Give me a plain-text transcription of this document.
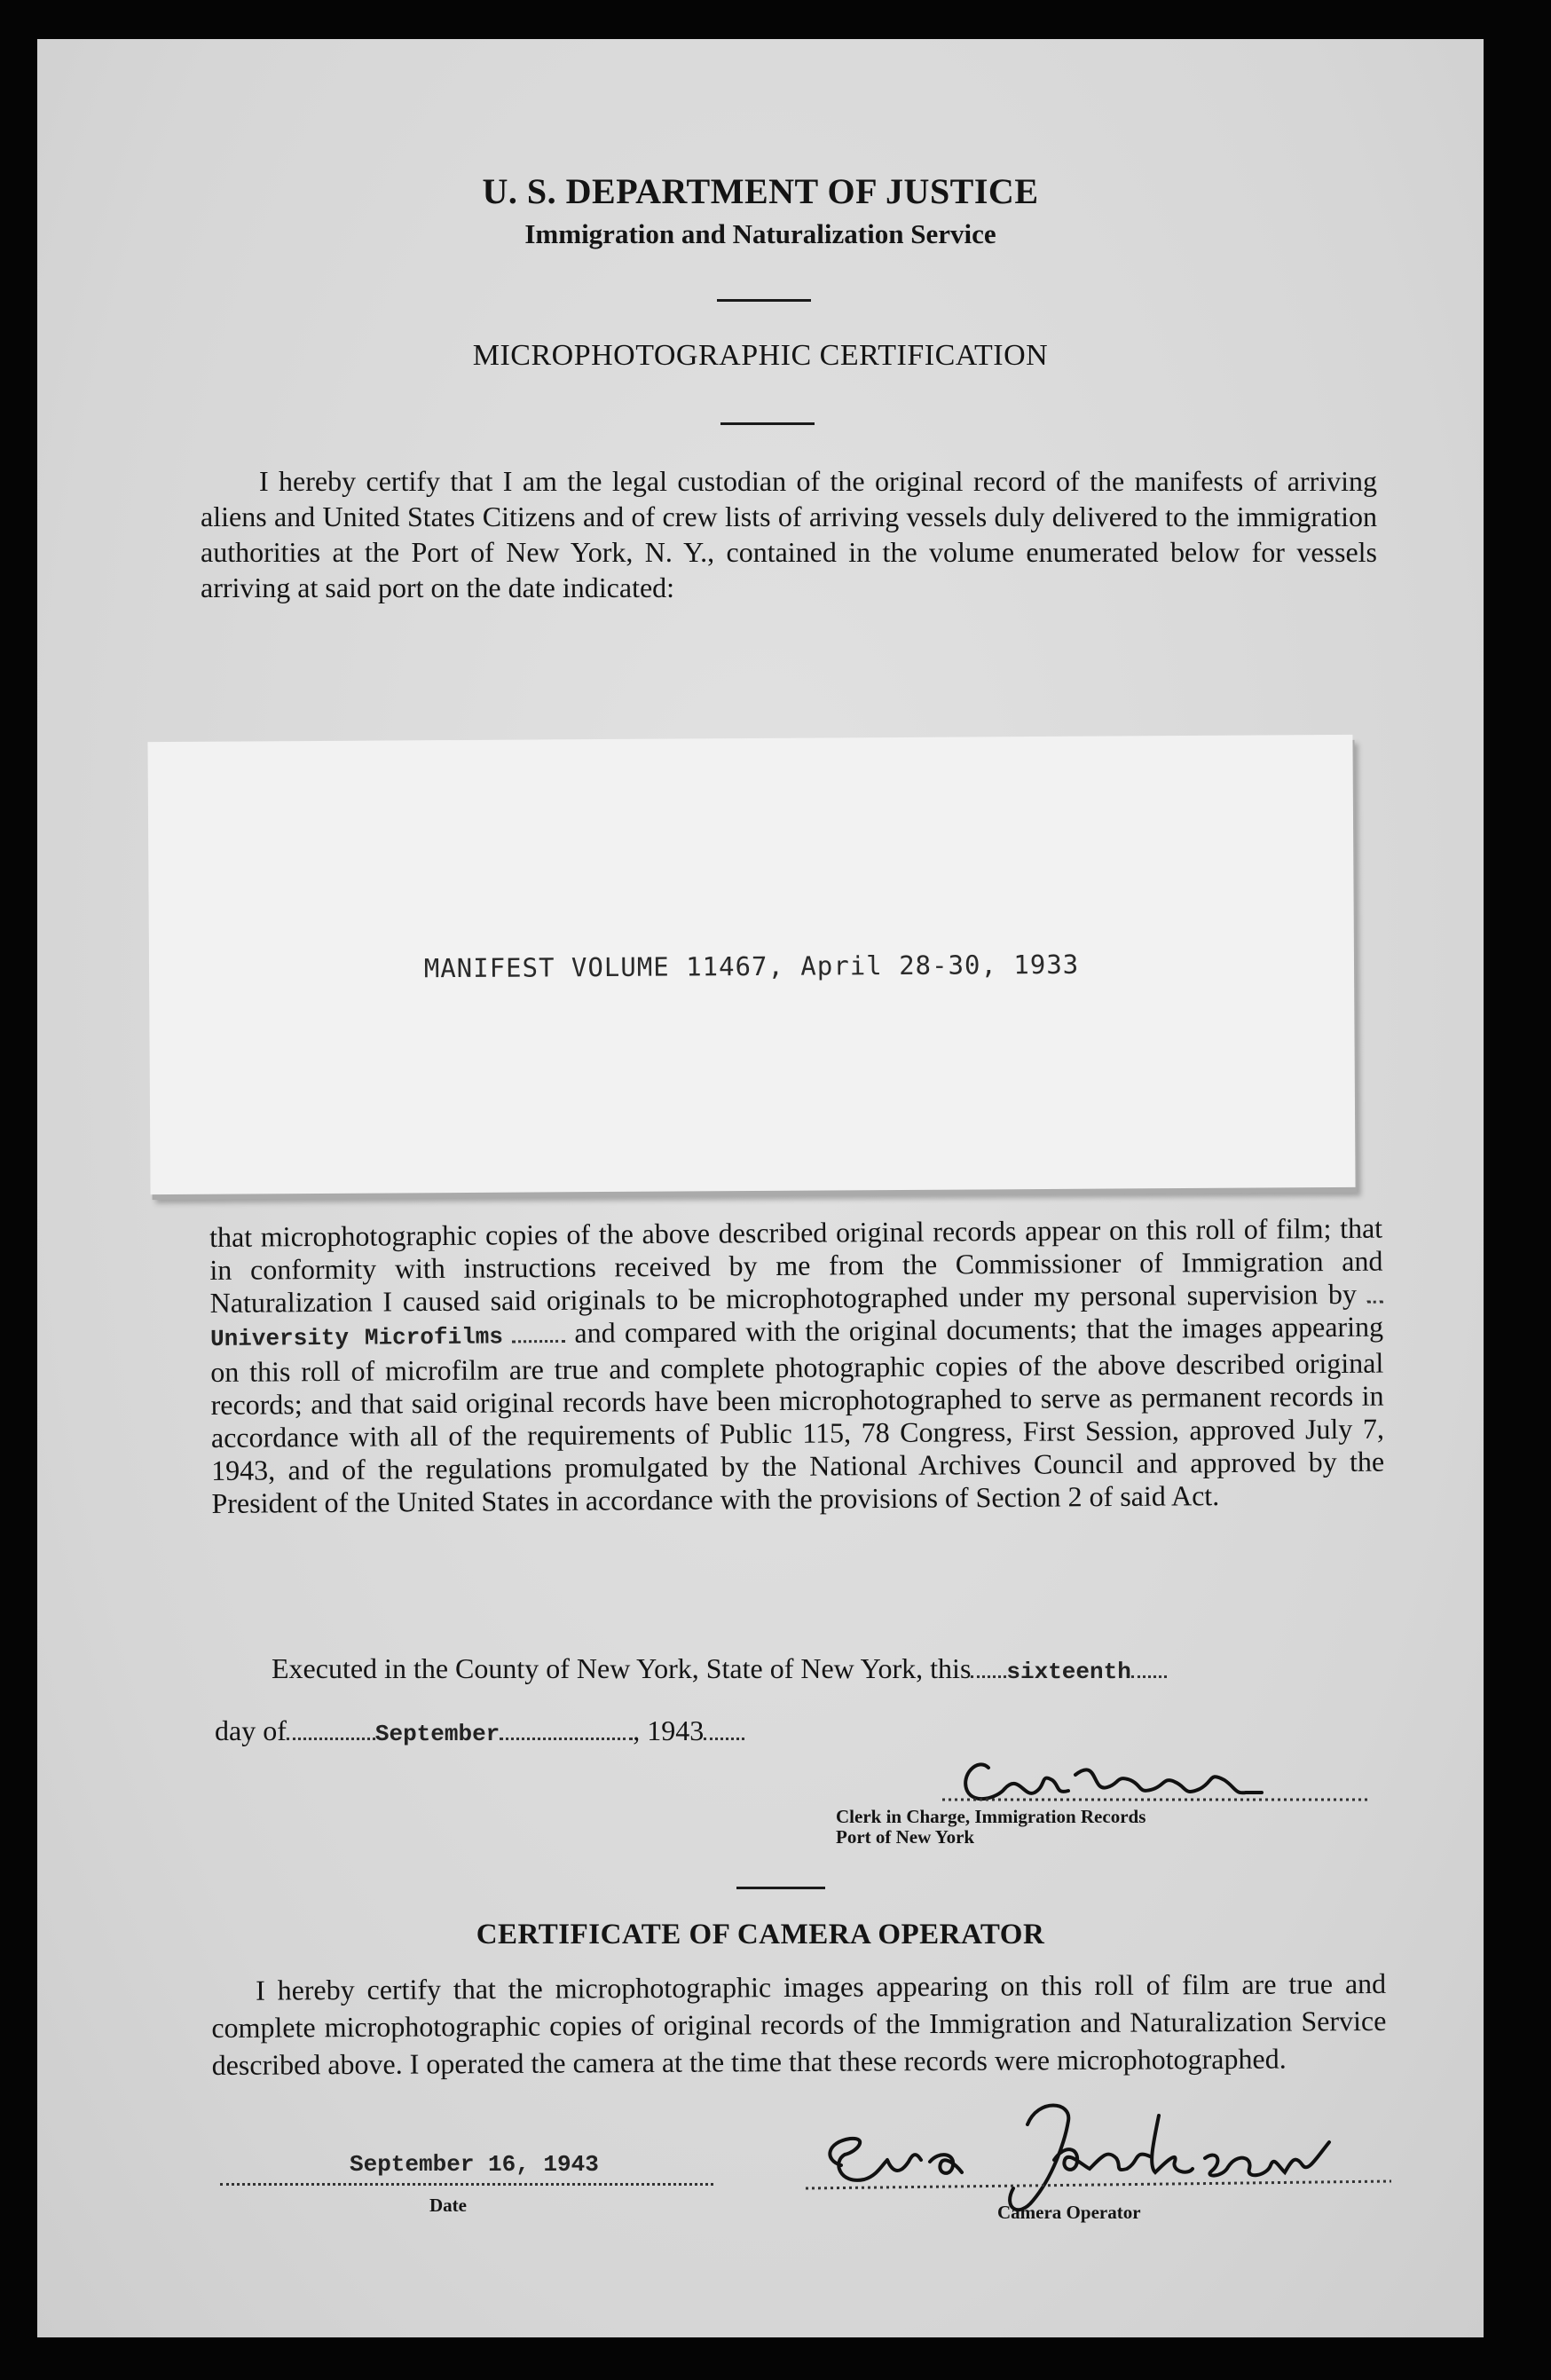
U. S. DEPARTMENT OF JUSTICE
Immigration and Naturalization Service
MICROPHOTOGRAPHIC CERTIFICATION
I hereby certify that I am the legal custodian of the original record of the manifests of arriving aliens and United States Citizens and of crew lists of arriving vessels duly delivered to the immigration authorities at the Port of New York, N. Y., contained in the volume enumerated below for vessels arriving at said port on the date indicated:
MANIFEST VOLUME 11467, April 28-30, 1933
that microphotographic copies of the above described original records appear on this roll of film; that in conformity with instructions received by me from the Commissioner of Immigration and Naturalization I caused said originals to be microphotographed under my personal supervision by  University Microfilms	and compared with the original documents; that the images appearing on this roll of microfilm are true and complete photographic copies of the above described original records; and that said original records have been microphotographed to serve as permanent records in accordance with all of the requirements of Public 115, 78 Congress, First Session, approved July 7, 1943, and of the regulations promulgated by the National Archives Council and approved by the President of the United States in accordance with the provisions of Section 2 of said Act.
Executed in the County of New York, State of New York, this sixteenth
day of	September	, 1943
Clerk in Charge, Immigration Records
Port of New York
CERTIFICATE OF CAMERA OPERATOR
I hereby certify that the microphotographic images appearing on this roll of film are true and complete microphotographic copies of original records of the Immigration and Naturalization Service described above. I operated the camera at the time that these records were microphotographed.
September 16, 1943
Date	Camera Operator
